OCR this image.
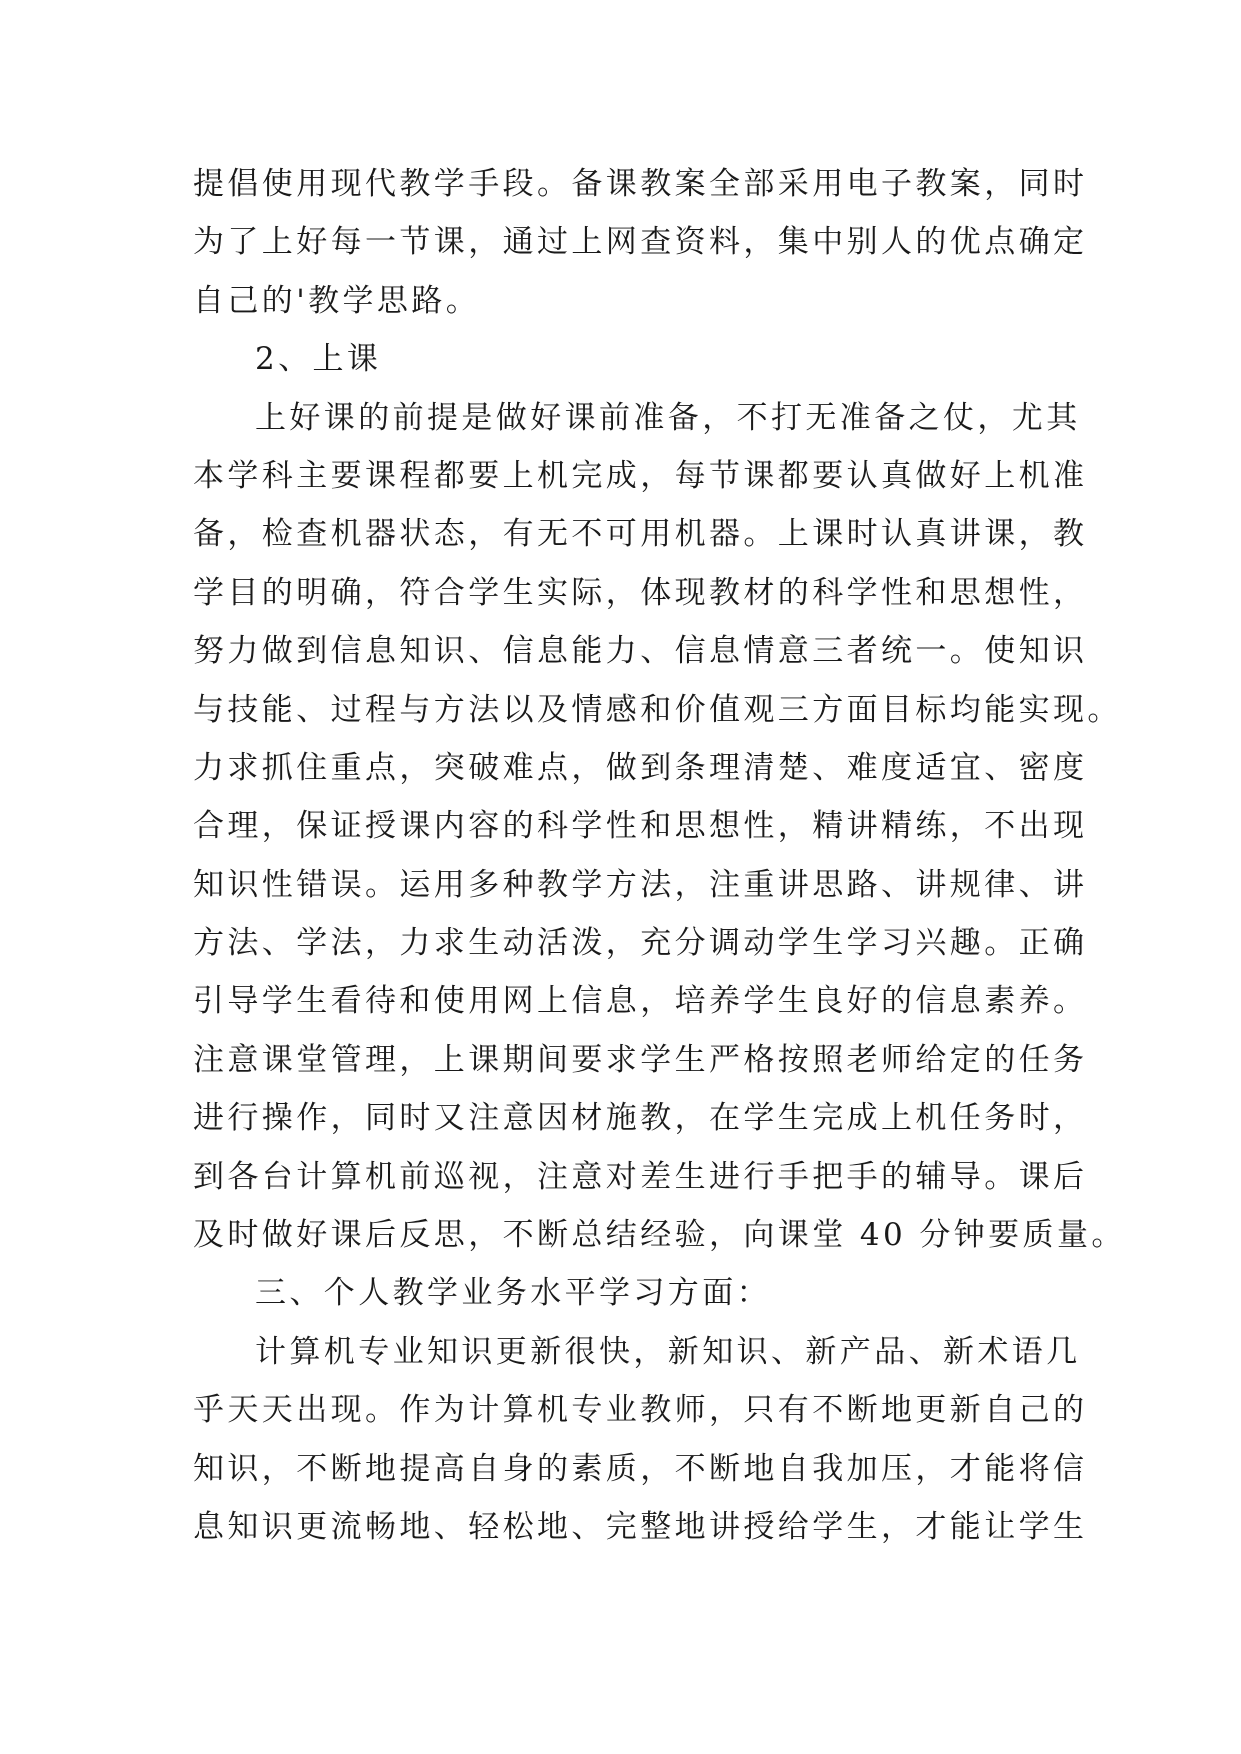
提倡使用现代教学手段。备课教案全部采用电子教案，同时
为了上好每一节课，通过上网查资料，集中别人的优点确定
自己的'教学思路。
2、上课
上好课的前提是做好课前准备，不打无准备之仗，尤其
本学科主要课程都要上机完成，每节课都要认真做好上机准
备，检查机器状态，有无不可用机器。上课时认真讲课，教
学目的明确，符合学生实际，体现教材的科学性和思想性，
努力做到信息知识、信息能力、信息情意三者统一。使知识
与技能、过程与方法以及情感和价值观三方面目标均能实现。
力求抓住重点，突破难点，做到条理清楚、难度适宜、密度
合理，保证授课内容的科学性和思想性，精讲精练，不出现
知识性错误。运用多种教学方法，注重讲思路、讲规律、讲
方法、学法，力求生动活泼，充分调动学生学习兴趣。正确
引导学生看待和使用网上信息，培养学生良好的信息素养。
注意课堂管理，上课期间要求学生严格按照老师给定的任务
进行操作，同时又注意因材施教，在学生完成上机任务时，
到各台计算机前巡视，注意对差生进行手把手的辅导。课后
及时做好课后反思，不断总结经验，向课堂 40 分钟要质量。
三、个人教学业务水平学习方面：
计算机专业知识更新很快，新知识、新产品、新术语几
乎天天出现。作为计算机专业教师，只有不断地更新自己的
知识，不断地提高自身的素质，不断地自我加压，才能将信
息知识更流畅地、轻松地、完整地讲授给学生，才能让学生
